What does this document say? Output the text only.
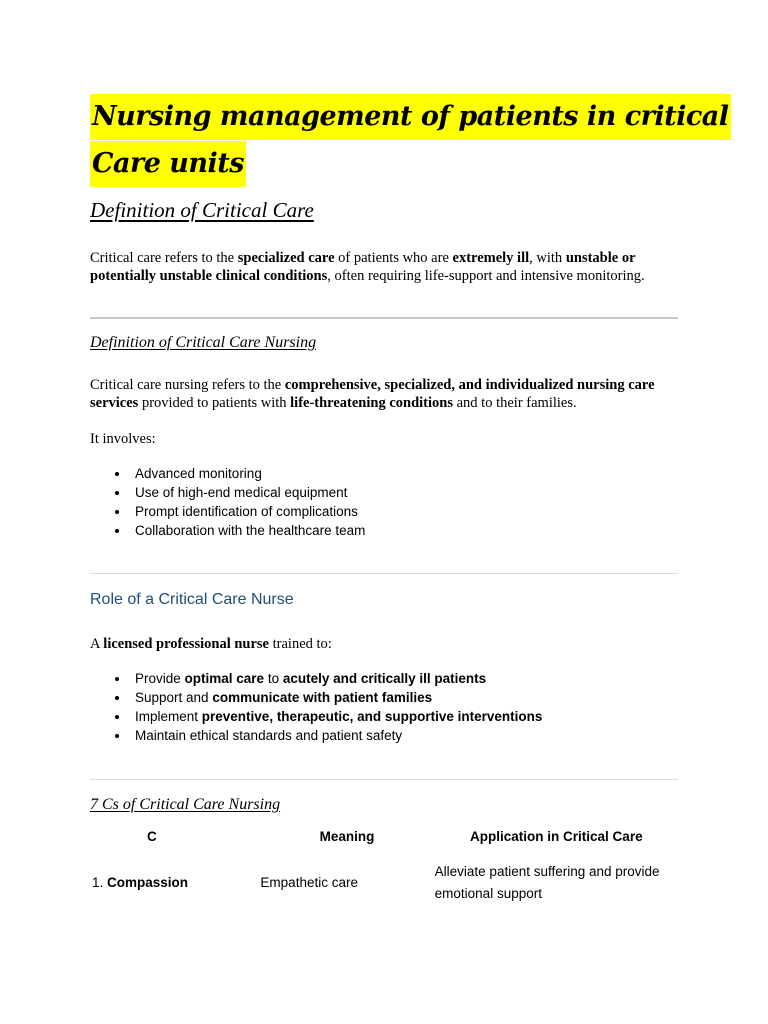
Nursing management of patients in critical
Care units
Definition of Critical Care
Critical care refers to the specialized care of patients who are extremely ill, with unstable or potentially unstable clinical conditions, often requiring life-support and intensive monitoring.
Definition of Critical Care Nursing
Critical care nursing refers to the comprehensive, specialized, and individualized nursing care services provided to patients with life-threatening conditions and to their families.
It involves:
Advanced monitoring
Use of high-end medical equipment
Prompt identification of complications
Collaboration with the healthcare team
Role of a Critical Care Nurse
A licensed professional nurse trained to:
Provide optimal care to acutely and critically ill patients
Support and communicate with patient families
Implement preventive, therapeutic, and supportive interventions
Maintain ethical standards and patient safety
7 Cs of Critical Care Nursing
C	Meaning	Application in Critical Care
1. Compassion	Empathetic care	Alleviate patient suffering and provide emotional support
